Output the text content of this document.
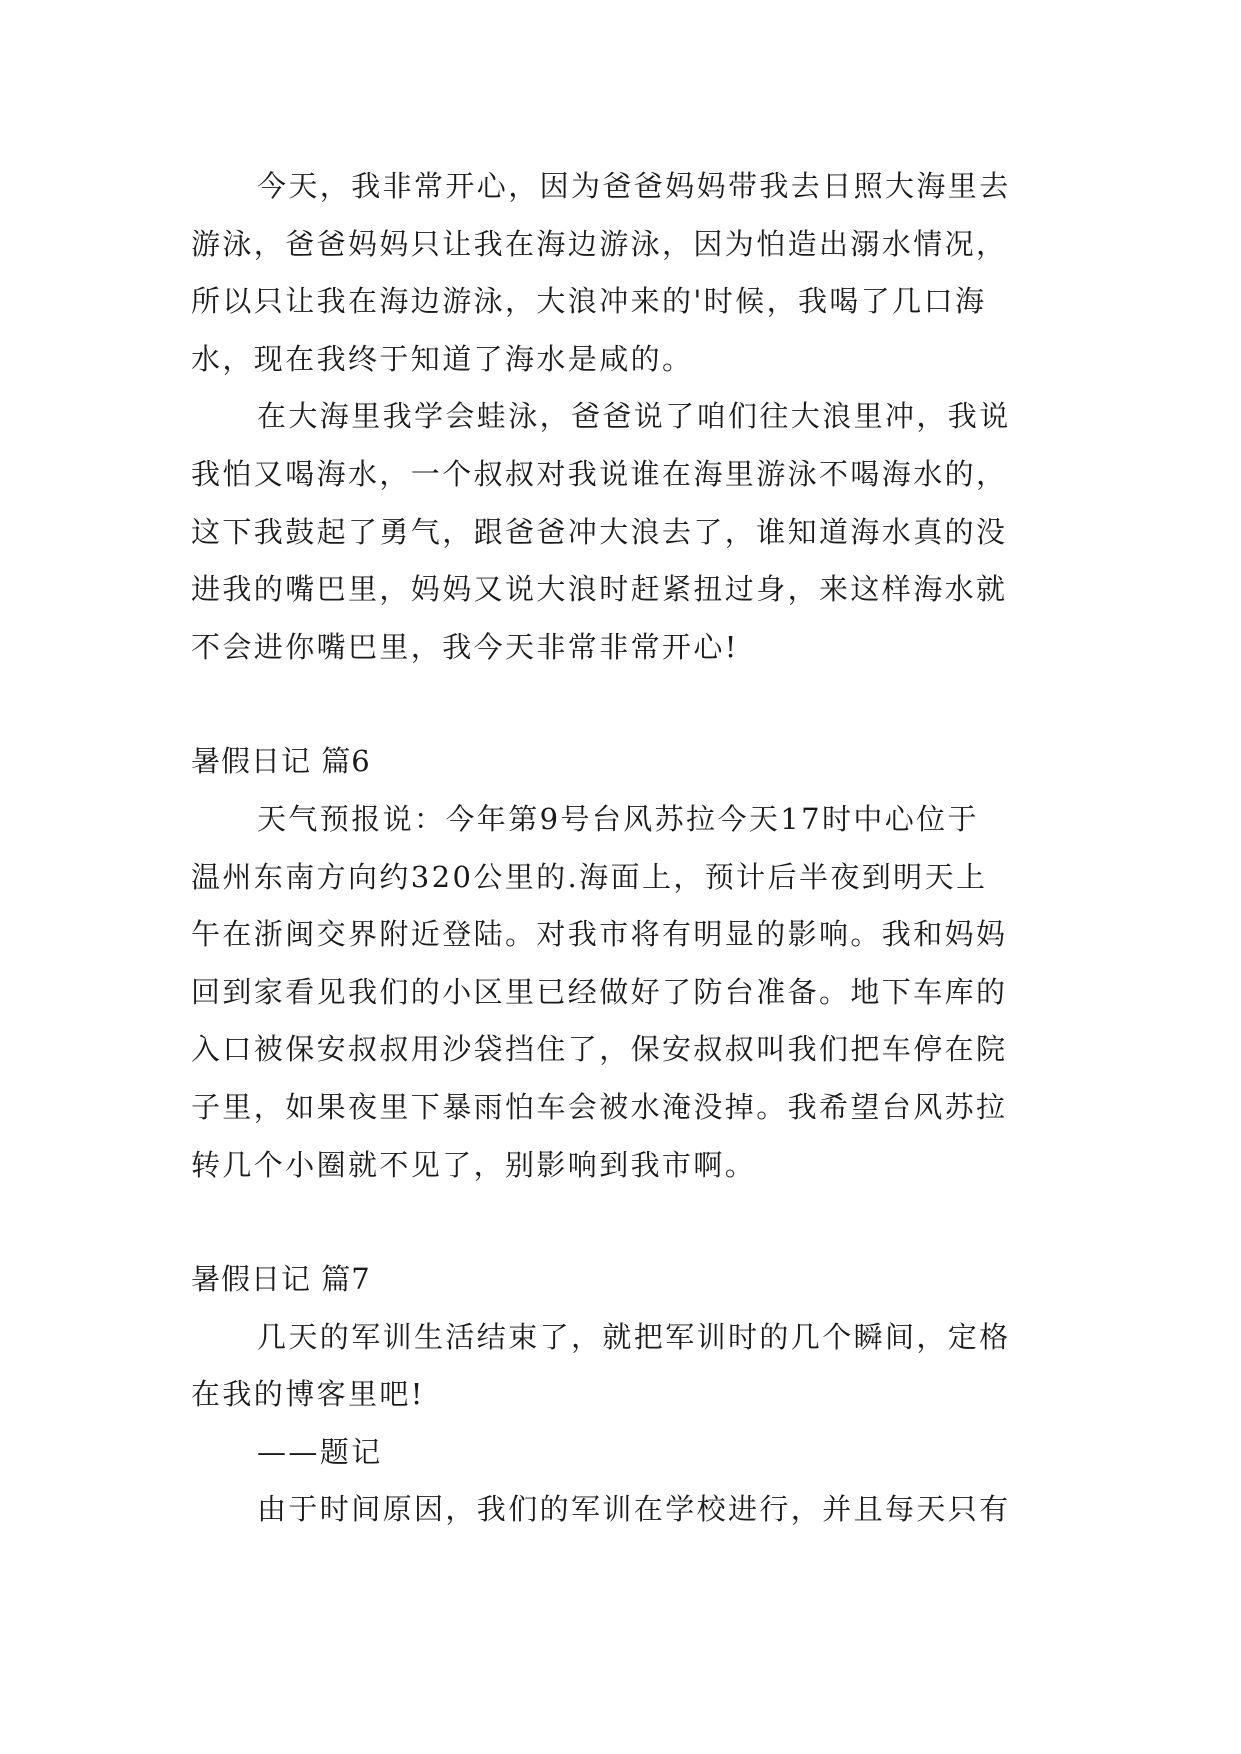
今天，我非常开心，因为爸爸妈妈带我去日照大海里去
游泳，爸爸妈妈只让我在海边游泳，因为怕造出溺水情况，
所以只让我在海边游泳，大浪冲来的'时候，我喝了几口海
水，现在我终于知道了海水是咸的。
在大海里我学会蛙泳，爸爸说了咱们往大浪里冲，我说
我怕又喝海水，一个叔叔对我说谁在海里游泳不喝海水的，
这下我鼓起了勇气，跟爸爸冲大浪去了，谁知道海水真的没
进我的嘴巴里，妈妈又说大浪时赶紧扭过身，来这样海水就
不会进你嘴巴里，我今天非常非常开心!
暑假日记 篇6
天气预报说：今年第9号台风苏拉今天17时中心位于
温州东南方向约320公里的.海面上，预计后半夜到明天上
午在浙闽交界附近登陆。对我市将有明显的影响。我和妈妈
回到家看见我们的小区里已经做好了防台准备。地下车库的
入口被保安叔叔用沙袋挡住了，保安叔叔叫我们把车停在院
子里，如果夜里下暴雨怕车会被水淹没掉。我希望台风苏拉
转几个小圈就不见了，别影响到我市啊。
暑假日记 篇7
几天的军训生活结束了，就把军训时的几个瞬间，定格
在我的博客里吧!
——题记
由于时间原因，我们的军训在学校进行，并且每天只有
